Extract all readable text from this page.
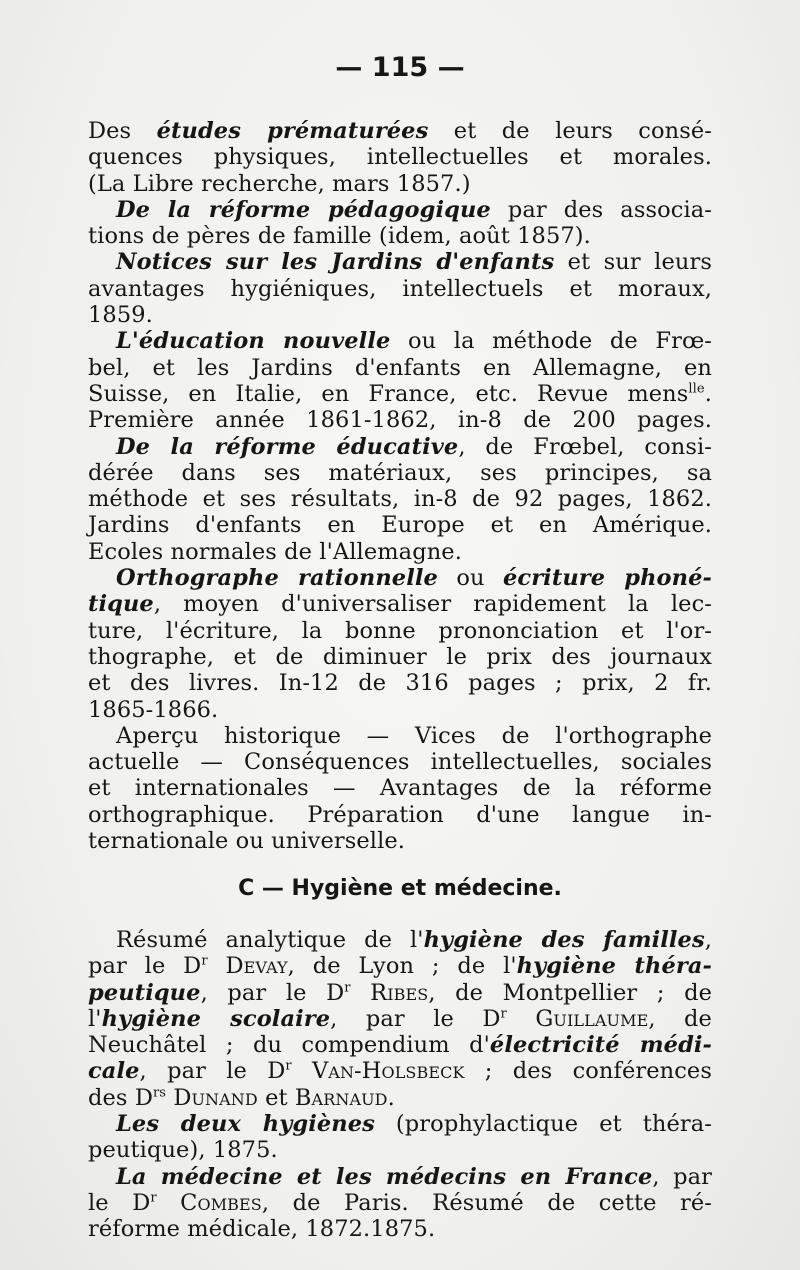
— 115 —
Des études prématurées et de leurs consé-
quences physiques, intellectuelles et morales.
(La Libre recherche, mars 1857.)
De la réforme pédagogique par des associa-
tions de pères de famille (idem, août 1857).
Notices sur les Jardins d'enfants et sur leurs
avantages hygiéniques, intellectuels et moraux,
1859.
L'éducation nouvelle ou la méthode de Frœ-
bel, et les Jardins d'enfants en Allemagne, en
Suisse, en Italie, en France, etc. Revue mens$^{lle}$.
Première année 1861-1862, in-8 de 200 pages.
De la réforme éducative, de Frœbel, consi-
dérée dans ses matériaux, ses principes, sa
méthode et ses résultats, in-8 de 92 pages, 1862.
Jardins d'enfants en Europe et en Amérique.
Ecoles normales de l'Allemagne.
Orthographe rationnelle ou écriture phoné-
tique, moyen d'universaliser rapidement la lec-
ture, l'écriture, la bonne prononciation et l'or-
thographe, et de diminuer le prix des journaux
et des livres. In-12 de 316 pages ; prix, 2 fr.
1865-1866.
Aperçu historique — Vices de l'orthographe
actuelle — Conséquences intellectuelles, sociales
et internationales — Avantages de la réforme
orthographique. Préparation d'une langue in-
ternationale ou universelle.
C — Hygiène et médecine.
Résumé analytique de l'hygiène des familles,
par le $D^r$ Devay, de Lyon ; de l'hygiène théra-
peutique, par le $D^r$ Ribes, de Montpellier ; de
l'hygiène scolaire, par le $D^r$ Guillaume, de
Neuchâtel ; du compendium d'électricité médi-
cale, par le $D^r$ Van-Holsbeck ; des conférences
des $D^{rs}$ Dunand et Barnaud.
Les deux hygiènes (prophylactique et théra-
peutique), 1875.
La médecine et les médecins en France, par
le $D^r$ Combes, de Paris. Résumé de cette ré-
réforme médicale, 1872.1875.
